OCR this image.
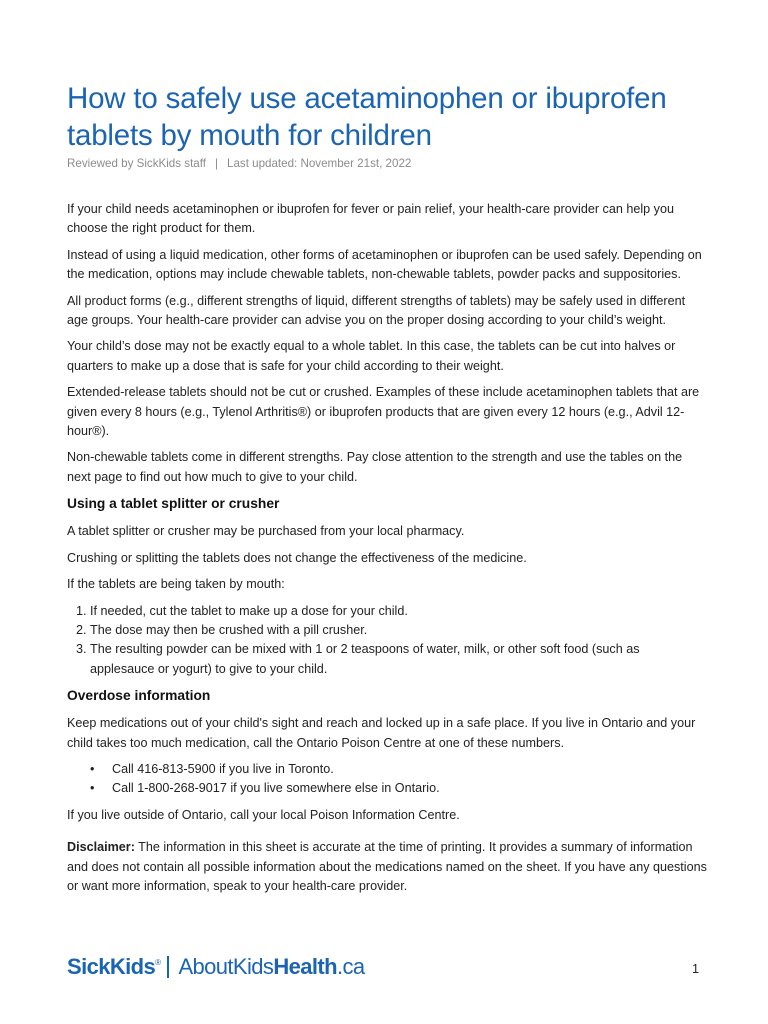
How to safely use acetaminophen or ibuprofen tablets by mouth for children
Reviewed by SickKids staff | Last updated: November 21st, 2022

If your child needs acetaminophen or ibuprofen for fever or pain relief, your health-care provider can help you choose the right product for them.

Instead of using a liquid medication, other forms of acetaminophen or ibuprofen can be used safely. Depending on the medication, options may include chewable tablets, non-chewable tablets, powder packs and suppositories.

All product forms (e.g., different strengths of liquid, different strengths of tablets) may be safely used in different age groups. Your health-care provider can advise you on the proper dosing according to your child’s weight.

Your child’s dose may not be exactly equal to a whole tablet. In this case, the tablets can be cut into halves or quarters to make up a dose that is safe for your child according to their weight.

Extended-release tablets should not be cut or crushed. Examples of these include acetaminophen tablets that are given every 8 hours (e.g., Tylenol Arthritis®) or ibuprofen products that are given every 12 hours (e.g., Advil 12-hour®).

Non-chewable tablets come in different strengths. Pay close attention to the strength and use the tables on the next page to find out how much to give to your child.

Using a tablet splitter or crusher

A tablet splitter or crusher may be purchased from your local pharmacy.

Crushing or splitting the tablets does not change the effectiveness of the medicine.

If the tablets are being taken by mouth:

1. If needed, cut the tablet to make up a dose for your child.
2. The dose may then be crushed with a pill crusher.
3. The resulting powder can be mixed with 1 or 2 teaspoons of water, milk, or other soft food (such as applesauce or yogurt) to give to your child.
Overdose information

Keep medications out of your child's sight and reach and locked up in a safe place. If you live in Ontario and your child takes too much medication, call the Ontario Poison Centre at one of these numbers.

• Call 416-813-5900 if you live in Toronto.
• Call 1-800-268-9017 if you live somewhere else in Ontario.

If you live outside of Ontario, call your local Poison Information Centre.

Disclaimer: The information in this sheet is accurate at the time of printing. It provides a summary of information and does not contain all possible information about the medications named on the sheet. If you have any questions or want more information, speak to your health-care provider.

SickKids® AboutKidsHealth.ca	1
